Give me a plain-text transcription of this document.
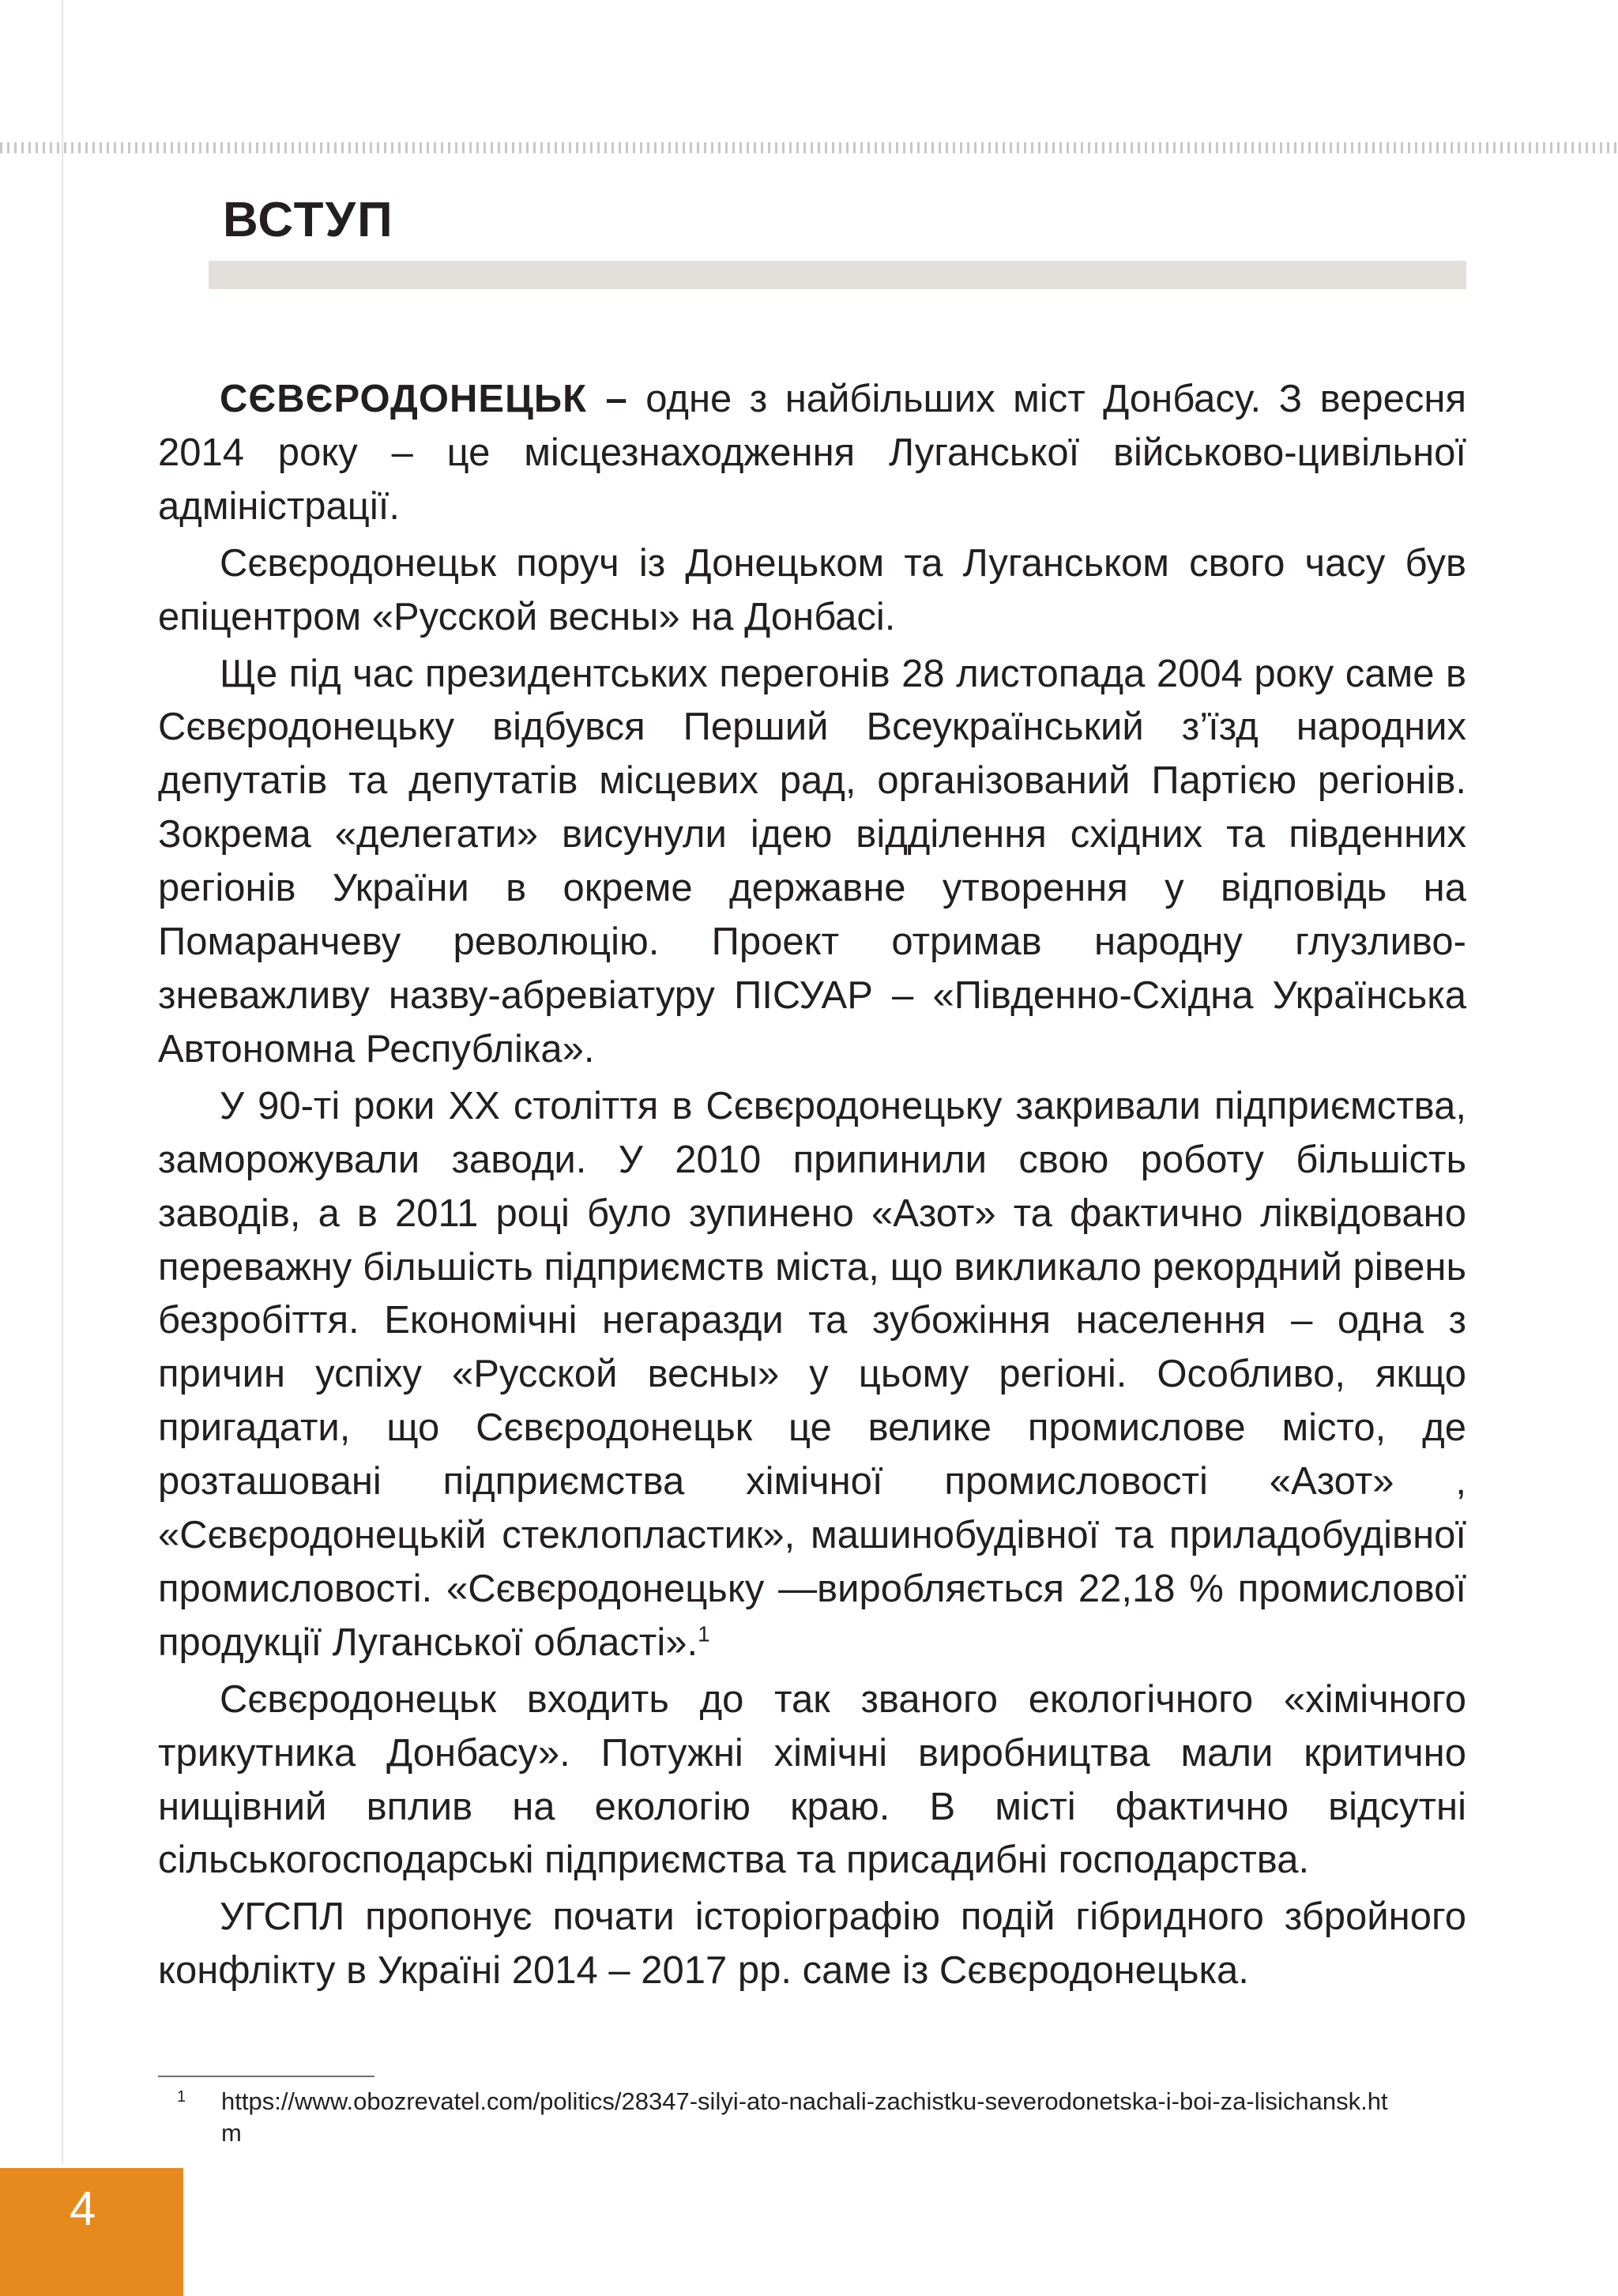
ВСТУП

СЄВЄРОДОНЕЦЬК – одне з найбільших міст Донбасу. З вересня 2014 року – це місцезнаходження Луганської військово-цивільної адміністрації.

Сєвєродонецьк поруч із Донецьком та Луганськом свого часу був епіцентром «Русской весны» на Донбасі.

Ще під час президентських перегонів 28 листопада 2004 року саме в Сєвєродонецьку відбувся Перший Всеукраїнський з’їзд народних депутатів та депутатів місцевих рад, організований Партією регіонів. Зокрема «делегати» висунули ідею відділення східних та південних регіонів України в окреме державне утворення у відповідь на Помаранчеву революцію. Проект отримав народну глузливо-зневажливу назву-абревіатуру ПІСУАР – «Південно-Східна Українська Автономна Республіка».

У 90-ті роки ХХ століття в Сєвєродонецьку закривали підприємства, заморожували заводи. У 2010 припинили свою роботу більшість заводів, а в 2011 році було зупинено «Азот» та фактично ліквідовано переважну більшість підприємств міста, що викликало рекордний рівень безробіття. Економічні негаразди та зубожіння населення – одна з причин успіху «Русской весны» у цьому регіоні. Особливо, якщо пригадати, що Сєвєродонецьк це велике промислове місто, де розташовані підприємства хімічної промисловості «Азот» , «Сєвєродонецькій стеклопластик», машинобудівної та приладобудівної промисловості. «Сєвєродонецьку —виробляється 22,18 % промислової продукції Луганської області».$^1$

Сєвєродонецьк входить до так званого екологічного «хімічного трикутника Донбасу». Потужні хімічні виробництва мали критично нищівний вплив на екологію краю. В місті фактично відсутні сільськогосподарські підприємства та присадибні господарства.

УГСПЛ пропонує почати історіографію подій гібридного збройного конфлікту в Україні 2014 – 2017 рр. саме із Сєвєродонецька.

1 https://www.obozrevatel.com/politics/28347-silyi-ato-nachali-zachistku-severodonetska-i-boi-za-lisichansk.htm
4
